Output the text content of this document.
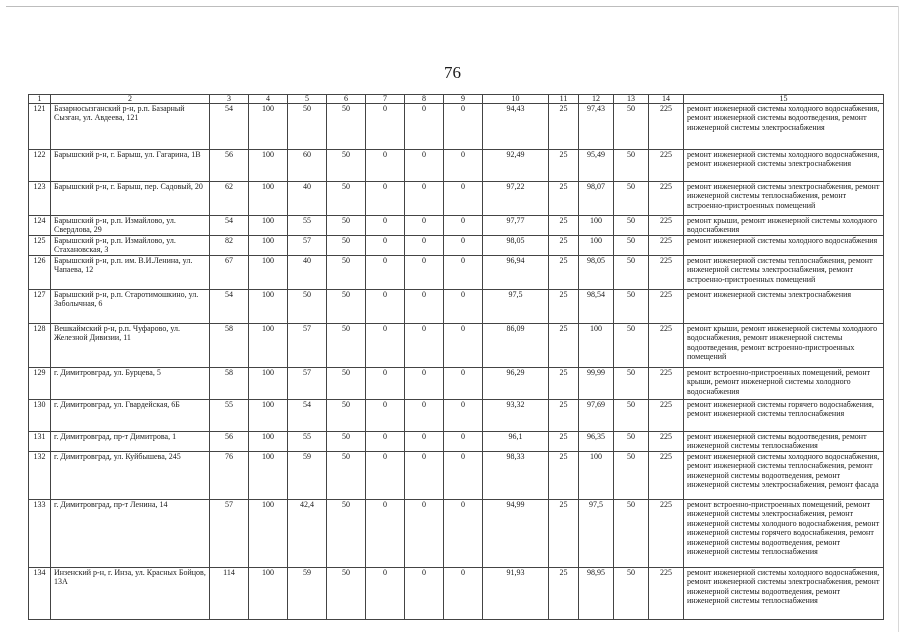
76
1	2	3	4	5	6	7	8	9	10	11	12	13	14	15
121	Базарносызганский р-н, р.п. Базарный Сызган, ул. Авдеева, 121	54	100	50	50	0	0	0	94,43	25	97,43	50	225	ремонт инженерной системы холодного водоснабжения, ремонт инженерной системы водоотведения, ремонт инженерной системы электроснабжения
122	Барышский р-н, г. Барыш, ул. Гагарина, 1В	56	100	60	50	0	0	0	92,49	25	95,49	50	225	ремонт инженерной системы холодного водоснабжения, ремонт инженерной системы электроснабжения
123	Барышский р-н, г. Барыш, пер. Садовый, 20	62	100	40	50	0	0	0	97,22	25	98,07	50	225	ремонт инженерной системы электроснабжения, ремонт инженерной системы теплоснабжения, ремонт встроенно-пристроенных помещений
124	Барышский р-н, р.п. Измайлово, ул. Свердлова, 29	54	100	55	50	0	0	0	97,77	25	100	50	225	ремонт крыши, ремонт инженерной системы холодного водоснабжения
125	Барышский р-н, р.п. Измайлово, ул. Стахановская, 3	82	100	57	50	0	0	0	98,05	25	100	50	225	ремонт инженерной системы холодного водоснабжения
126	Барышский р-н, р.п. им. В.И.Ленина, ул. Чапаева, 12	67	100	40	50	0	0	0	96,94	25	98,05	50	225	ремонт инженерной системы теплоснабжения, ремонт инженерной системы электроснабжения, ремонт встроенно-пристроенных помещений
127	Барышский р-н, р.п. Старотимошкино, ул. Заболычная, 6	54	100	50	50	0	0	0	97,5	25	98,54	50	225	ремонт инженерной системы электроснабжения
128	Вешкаймский р-н, р.п. Чуфарово, ул. Железной Дивизии, 11	58	100	57	50	0	0	0	86,09	25	100	50	225	ремонт крыши, ремонт инженерной системы холодного водоснабжения, ремонт инженерной системы водоотведения, ремонт встроенно-пристроенных помещений
129	г. Димитровград, ул. Бурцева, 5	58	100	57	50	0	0	0	96,29	25	99,99	50	225	ремонт встроенно-пристроенных помещений, ремонт крыши, ремонт инженерной системы холодного водоснабжения
130	г. Димитровград, ул. Гвардейская, 6Б	55	100	54	50	0	0	0	93,32	25	97,69	50	225	ремонт инженерной системы горячего водоснабжения, ремонт инженерной системы теплоснабжения
131	г. Димитровград, пр-т Димитрова, 1	56	100	55	50	0	0	0	96,1	25	96,35	50	225	ремонт инженерной системы водоотведения, ремонт инженерной системы теплоснабжения
132	г. Димитровград, ул. Куйбышева, 245	76	100	59	50	0	0	0	98,33	25	100	50	225	ремонт инженерной системы холодного водоснабжения, ремонт инженерной системы теплоснабжения, ремонт инженерной системы водоотведения, ремонт инженерной системы электроснабжения, ремонт фасада
133	г. Димитровград, пр-т Ленина, 14	57	100	42,4	50	0	0	0	94,99	25	97,5	50	225	ремонт встроенно-пристроенных помещений, ремонт инженерной системы электроснабжения, ремонт инженерной системы холодного водоснабжения, ремонт инженерной системы горячего водоснабжения, ремонт инженерной системы водоотведения, ремонт инженерной системы теплоснабжения
134	Инзенский р-н, г. Инза, ул. Красных Бойцов, 13А	114	100	59	50	0	0	0	91,93	25	98,95	50	225	ремонт инженерной системы холодного водоснабжения, ремонт инженерной системы электроснабжения, ремонт инженерной системы водоотведения, ремонт инженерной системы теплоснабжения
